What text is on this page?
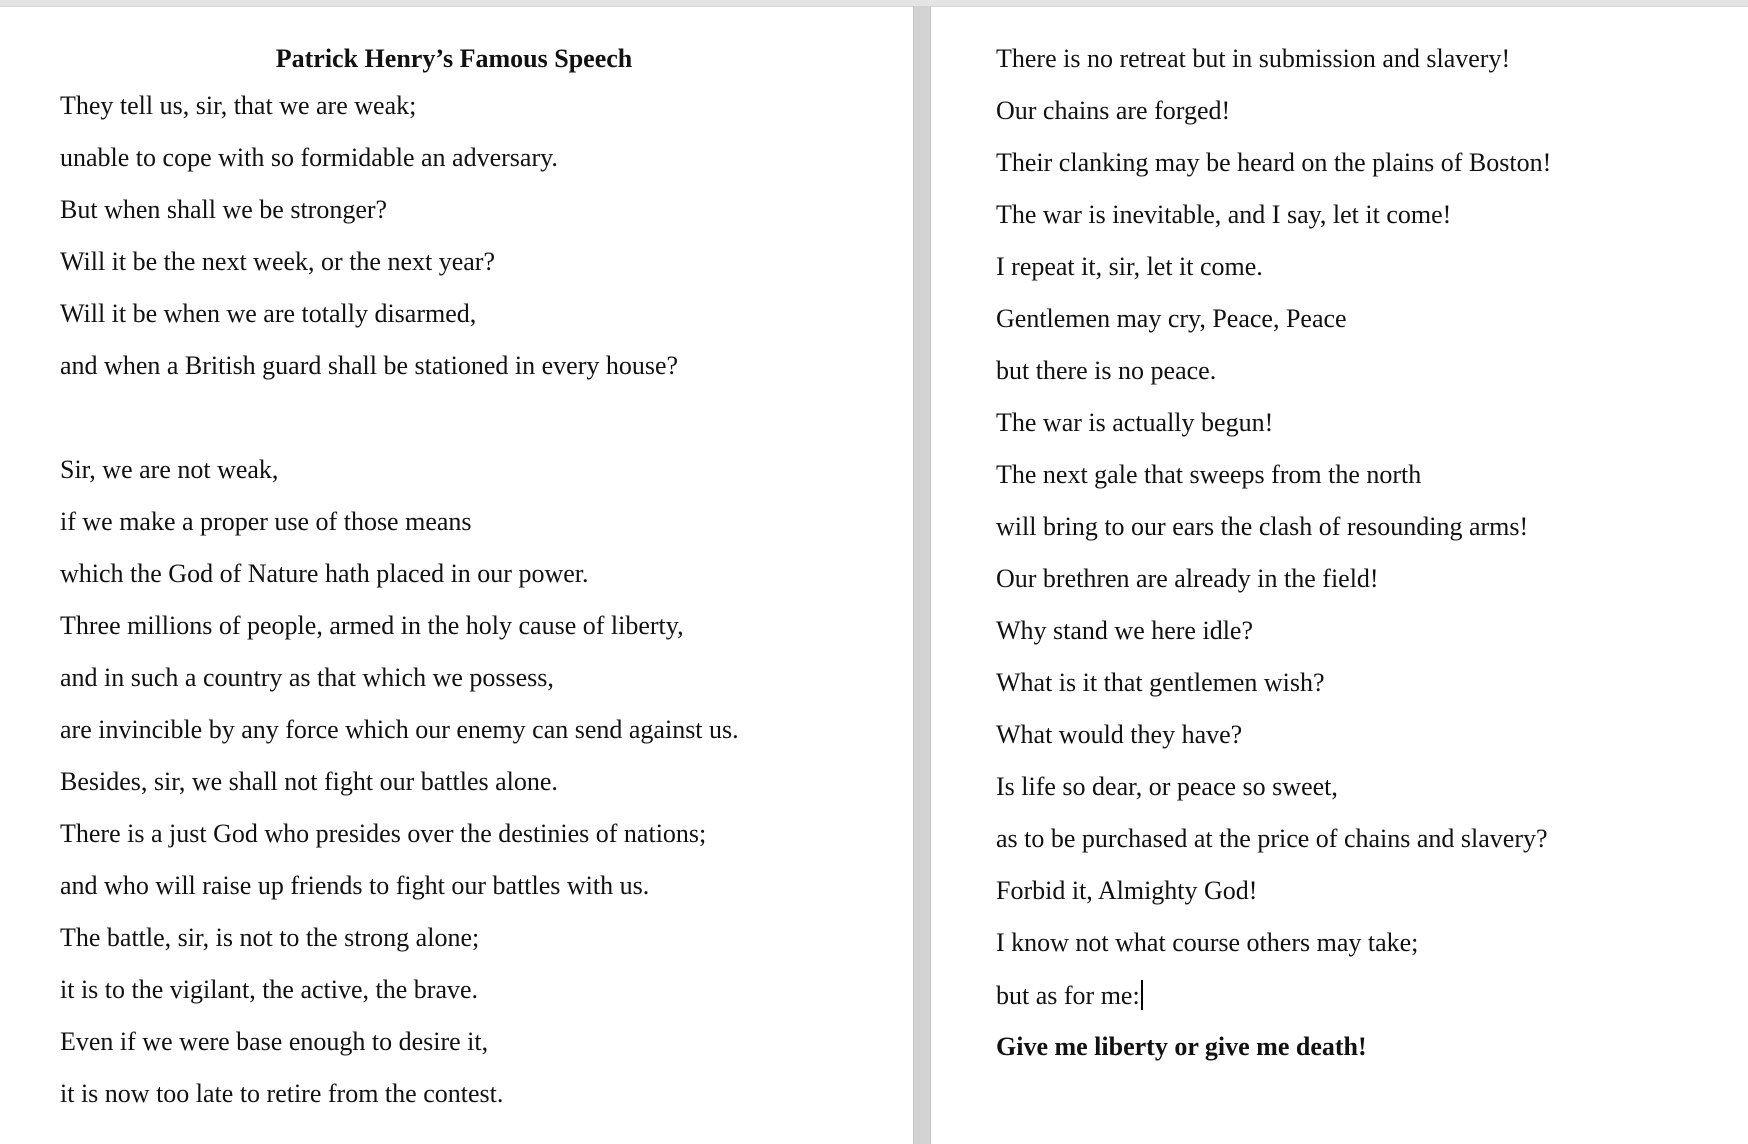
Patrick Henry’s Famous Speech

They tell us, sir, that we are weak;

unable to cope with so formidable an adversary.

But when shall we be stronger?

Will it be the next week, or the next year?

Will it be when we are totally disarmed,

and when a British guard shall be stationed in every house?

Sir, we are not weak,

if we make a proper use of those means

which the God of Nature hath placed in our power.

Three millions of people, armed in the holy cause of liberty,

and in such a country as that which we possess,

are invincible by any force which our enemy can send against us.

Besides, sir, we shall not fight our battles alone.

There is a just God who presides over the destinies of nations;

and who will raise up friends to fight our battles with us.

The battle, sir, is not to the strong alone;

it is to the vigilant, the active, the brave.

Even if we were base enough to desire it,

it is now too late to retire from the contest.

There is no retreat but in submission and slavery!

Our chains are forged!

Their clanking may be heard on the plains of Boston!

The war is inevitable, and I say, let it come!

I repeat it, sir, let it come.

Gentlemen may cry, Peace, Peace

but there is no peace.

The war is actually begun!

The next gale that sweeps from the north

will bring to our ears the clash of resounding arms!

Our brethren are already in the field!

Why stand we here idle?

What is it that gentlemen wish?

What would they have?

Is life so dear, or peace so sweet,

as to be purchased at the price of chains and slavery?

Forbid it, Almighty God!

I know not what course others may take;

but as for me:

Give me liberty or give me death!
